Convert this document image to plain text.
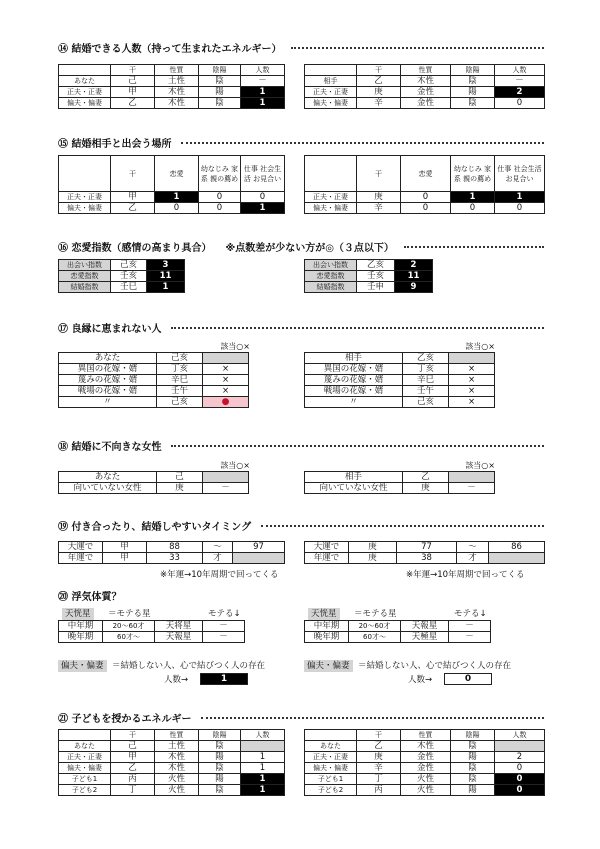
⑭ 結婚できる人数（持って生まれたエネルギー）
	干	性質	陰陽	人数
あなた	己	土性	陰	－
正夫・正妻	甲	木性	陽	1
偏夫・偏妻	乙	木性	陰	1
	干	性質	陰陽	人数
相手	乙	木性	陰	－
正夫・正妻	庚	金性	陽	2
偏夫・偏妻	辛	金性	陰	0
⑮ 結婚相手と出会う場所
	干	恋愛	幼なじみ 家系 親の薦め	仕事 社会生活 お見合い
正夫・正妻	甲	1	0	0
偏夫・偏妻	乙	0	0	1
	干	恋愛	幼なじみ 家系 親の薦め	仕事 社会生活 お見合い
正夫・正妻	庚	0	1	1
偏夫・偏妻	辛	0	0	0
⑯ 恋愛指数（感情の高まり具合） ※点数差が少ない方が◎（３点以下）
出会い指数	己亥	3
恋愛指数	壬亥	11
結婚指数	壬巳	1
出会い指数	乙亥	2
恋愛指数	壬亥	11
結婚指数	壬申	9
⑰ 良縁に恵まれない人
該当○×	該当○×
あなた	己亥	
異国の花嫁・婿	丁亥	×
蔑みの花嫁・婿	辛巳	×
戦場の花嫁・婿	壬午	×
〃	己亥	●
相手	乙亥	
異国の花嫁・婿	丁亥	×
蔑みの花嫁・婿	辛巳	×
戦場の花嫁・婿	壬午	×
〃	己亥	×
⑱ 結婚に不向きな女性
該当○×	該当○×
あなた	己	
向いていない女性	庚	－
相手	乙	
向いていない女性	庚	－
⑲ 付き合ったり、結婚しやすいタイミング
大運で	甲	88	～	97
年運で	甲	33	才	
大運で	庚	77	～	86
年運で	庚	38	才	
※年運→10年周期で回ってくる	※年運→10年周期で回ってくる
⑳ 浮気体質？
天恍星	＝モテる星	モテる↓
中年期	20～60才	天将星	－
晩年期	60才～	天報星	－
天恍星	＝モテる星	モテる↓
中年期	20～60才	天報星	－
晩年期	60才～	天極星	－
偏夫・偏妻 ＝結婚しない人、心で結びつく人の存在
人数→	1
偏夫・偏妻 ＝結婚しない人、心で結びつく人の存在
人数→	0
㉑ 子どもを授かるエネルギー
	干	性質	陰陽	人数
あなた	己	土性	陰	
正夫・正妻	甲	木性	陽	1
偏夫・偏妻	乙	木性	陰	1
子ども1	丙	火性	陽	1
子ども2	丁	火性	陰	1
	干	性質	陰陽	人数
あなた	乙	木性	陰	
正夫・正妻	庚	金性	陽	2
偏夫・偏妻	辛	金性	陰	0
子ども1	丁	火性	陰	0
子ども2	丙	火性	陽	0
